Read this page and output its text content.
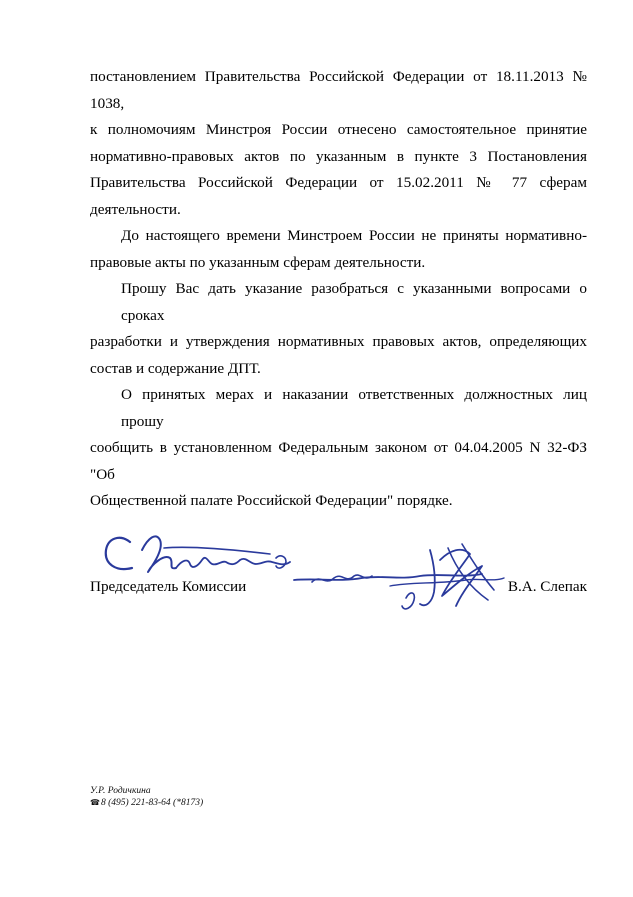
постановлением Правительства Российской Федерации от 18.11.2013 № 1038,
к полномочиям Минстроя России отнесено самостоятельное принятие
нормативно-правовых актов по указанным в пункте 3 Постановления
Правительства Российской Федерации от 15.02.2011 № 77 сферам
деятельности.

До настоящего времени Минстроем России не приняты нормативно-
правовые акты по указанным сферам деятельности.

Прошу Вас дать указание разобраться с указанными вопросами о сроках
разработки и утверждения нормативных правовых актов, определяющих
состав и содержание ДПТ.

О принятых мерах и наказании ответственных должностных лиц прошу
сообщить в установленном Федеральным законом от 04.04.2005 N 32-ФЗ "Об
Общественной палате Российской Федерации" порядке.

Председатель Комиссии	В.А. Слепак
У.Р. Родичкина
☎8 (495) 221-83-64 (*8173)
